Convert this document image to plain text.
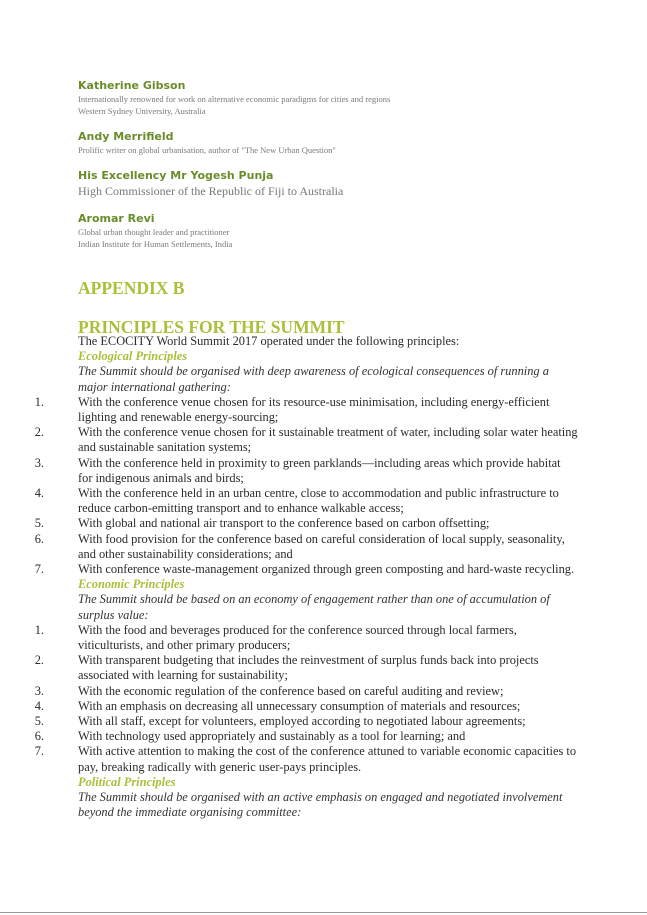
Katherine Gibson

Internationally renowned for work on alternative economic paradigms for cities and regions

Western Sydney University, Australia

Andy Merrifield

Prolific writer on global urbanisation, author of "The New Urban Question"

His Excellency Mr Yogesh Punja

High Commissioner of the Republic of Fiji to Australia

Aromar Revi

Global urban thought leader and practitioner

Indian Institute for Human Settlements, India

APPENDIX B
PRINCIPLES FOR THE SUMMIT

The ECOCITY World Summit 2017 operated under the following principles:

Ecological Principles

The Summit should be organised with deep awareness of ecological consequences of running a major international gathering:

1.	With the conference venue chosen for its resource-use minimisation, including energy-efficient lighting and renewable energy-sourcing;
2.	With the conference venue chosen for it sustainable treatment of water, including solar water heating and sustainable sanitation systems;
3.	With the conference held in proximity to green parklands—including areas which provide habitat for indigenous animals and birds;
4.	With the conference held in an urban centre, close to accommodation and public infrastructure to reduce carbon-emitting transport and to enhance walkable access;
5.	With global and national air transport to the conference based on carbon offsetting;
6.	With food provision for the conference based on careful consideration of local supply, seasonality, and other sustainability considerations; and
7.	With conference waste-management organized through green composting and hard-waste recycling.

Economic Principles

The Summit should be based on an economy of engagement rather than one of accumulation of surplus value:

1.	With the food and beverages produced for the conference sourced through local farmers, viticulturists, and other primary producers;
2.	With transparent budgeting that includes the reinvestment of surplus funds back into projects associated with learning for sustainability;
3.	With the economic regulation of the conference based on careful auditing and review;
4.	With an emphasis on decreasing all unnecessary consumption of materials and resources;
5.	With all staff, except for volunteers, employed according to negotiated labour agreements;
6.	With technology used appropriately and sustainably as a tool for learning; and
7.	With active attention to making the cost of the conference attuned to variable economic capacities to pay, breaking radically with generic user-pays principles.

Political Principles

The Summit should be organised with an active emphasis on engaged and negotiated involvement beyond the immediate organising committee:
